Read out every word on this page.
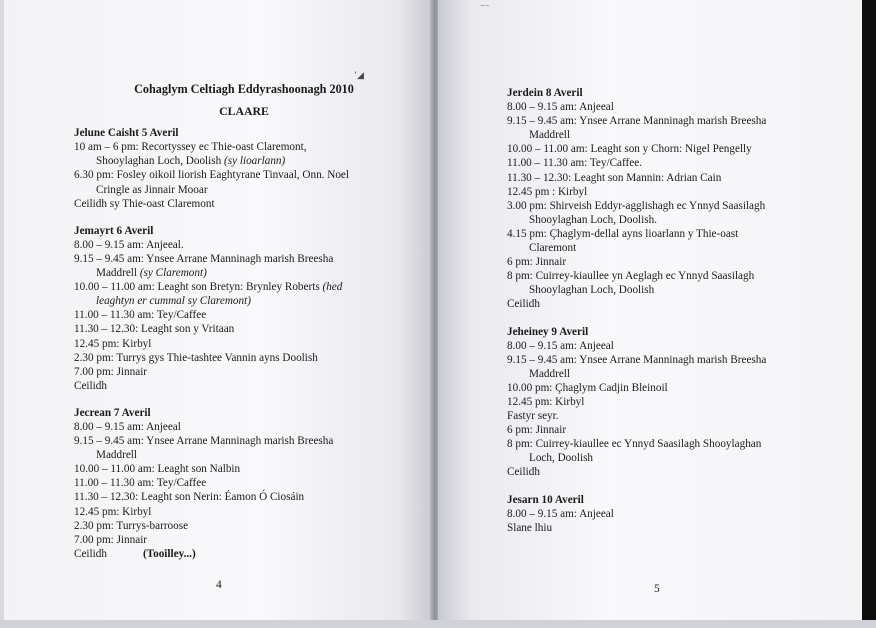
’◢
Cohaglym Celtiagh Eddyrashoonagh 2010
CLAARE
Jelune Caisht 5 Averil
10 am – 6 pm: Recortyssey ec Thie-oast Claremont,
Shooylaghan Loch, Doolish (sy lioarlann)
6.30 pm: Fosley oikoil liorish Eaghtyrane Tinvaal, Onn. Noel
Cringle as Jinnair Mooar
Ceilidh sy Thie-oast Claremont
Jemayrt 6 Averil
8.00 – 9.15 am: Anjeeal.
9.15 – 9.45 am: Ynsee Arrane Manninagh marish Breesha
Maddrell (sy Claremont)
10.00 – 11.00 am: Leaght son Bretyn: Brynley Roberts (hed
leaghtyn er cummal sy Claremont)
11.00 – 11.30 am: Tey/Caffee
11.30 – 12.30: Leaght son y Vritaan
12.45 pm: Kirbyl
2.30 pm: Turrys gys Thie-tashtee Vannin ayns Doolish
7.00 pm: Jinnair
Ceilidh
Jecrean 7 Averil
8.00 – 9.15 am: Anjeeal
9.15 – 9.45 am: Ynsee Arrane Manninagh marish Breesha
Maddrell
10.00 – 11.00 am: Leaght son Nalbin
11.00 – 11.30 am: Tey/Caffee
11.30 – 12.30: Leaght son Nerin: Éamon Ó Ciosáin
12.45 pm: Kirbyl
2.30 pm: Turrys-barroose
7.00 pm: Jinnair
Ceilidh	(Tooilley...)
4
⁻⁻
Jerdein 8 Averil
8.00 – 9.15 am: Anjeeal
9.15 – 9.45 am: Ynsee Arrane Manninagh marish Breesha
Maddrell
10.00 – 11.00 am: Leaght son y Chorn: Nigel Pengelly
11.00 – 11.30 am: Tey/Caffee.
11.30 – 12.30: Leaght son Mannin: Adrian Cain
12.45 pm : Kirbyl
3.00 pm: Shirveish Eddyr-agglishagh ec Ynnyd Saasilagh
Shooylaghan Loch, Doolish.
4.15 pm: Çhaglym-dellal ayns lioarlann y Thie-oast
Claremont
6 pm: Jinnair
8 pm: Cuirrey-kiaullee yn Aeglagh ec Ynnyd Saasilagh
Shooylaghan Loch, Doolish
Ceilidh
Jeheiney 9 Averil
8.00 – 9.15 am: Anjeeal
9.15 – 9.45 am: Ynsee Arrane Manninagh marish Breesha
Maddrell
10.00 pm: Çhaglym Cadjin Bleinoil
12.45 pm: Kirbyl
Fastyr seyr.
6 pm: Jinnair
8 pm: Cuirrey-kiaullee ec Ynnyd Saasilagh Shooylaghan
Loch, Doolish
Ceilidh
Jesarn 10 Averil
8.00 – 9.15 am: Anjeeal
Slane lhiu
5
